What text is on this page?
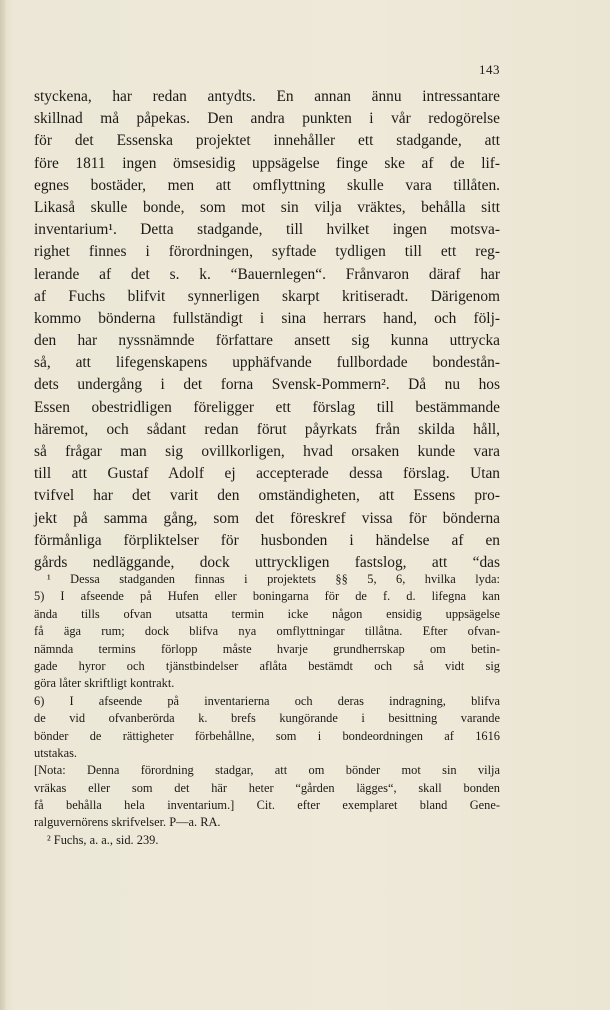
143
styckena, har redan antydts. En annan ännu intressantare
skillnad må påpekas. Den andra punkten i vår redogörelse
för det Essenska projektet innehåller ett stadgande, att
före 1811 ingen ömsesidig uppsägelse finge ske af de lif-
egnes bostäder, men att omflyttning skulle vara tillåten.
Likaså skulle bonde, som mot sin vilja vräktes, behålla sitt
inventarium¹. Detta stadgande, till hvilket ingen motsva-
righet finnes i förordningen, syftade tydligen till ett reg-
lerande af det s. k. “Bauernlegen“. Frånvaron däraf har
af Fuchs blifvit synnerligen skarpt kritiseradt. Därigenom
kommo bönderna fullständigt i sina herrars hand, och följ-
den har nyssnämnde författare ansett sig kunna uttrycka
så, att lifegenskapens upphäfvande fullbordade bondestån-
dets undergång i det forna Svensk-Pommern². Då nu hos
Essen obestridligen föreligger ett förslag till bestämmande
häremot, och sådant redan förut påyrkats från skilda håll,
så frågar man sig ovillkorligen, hvad orsaken kunde vara
till att Gustaf Adolf ej accepterade dessa förslag. Utan
tvifvel har det varit den omständigheten, att Essens pro-
jekt på samma gång, som det föreskref vissa för bönderna
förmånliga förpliktelser för husbonden i händelse af en
gårds nedläggande, dock uttryckligen fastslog, att “das
¹ Dessa stadganden finnas i projektets §§ 5, 6, hvilka lyda:
5) I afseende på Hufen eller boningarna för de f. d. lifegna kan
ända tills ofvan utsatta termin icke någon ensidig uppsägelse
få äga rum; dock blifva nya omflyttningar tillåtna. Efter ofvan-
nämnda termins förlopp måste hvarje grundherrskap om betin-
gade hyror och tjänstbindelser aflåta bestämdt och så vidt sig
göra låter skriftligt kontrakt.
6) I afseende på inventarierna och deras indragning, blifva
de vid ofvanberörda k. brefs kungörande i besittning varande
bönder de rättigheter förbehållne, som i bondeordningen af 1616
utstakas.
[Nota: Denna förordning stadgar, att om bönder mot sin vilja
vräkas eller som det här heter “gården lägges“, skall bonden
få behålla hela inventarium.] Cit. efter exemplaret bland Gene-
ralguvernörens skrifvelser. P—a. RA.
² Fuchs, a. a., sid. 239.
